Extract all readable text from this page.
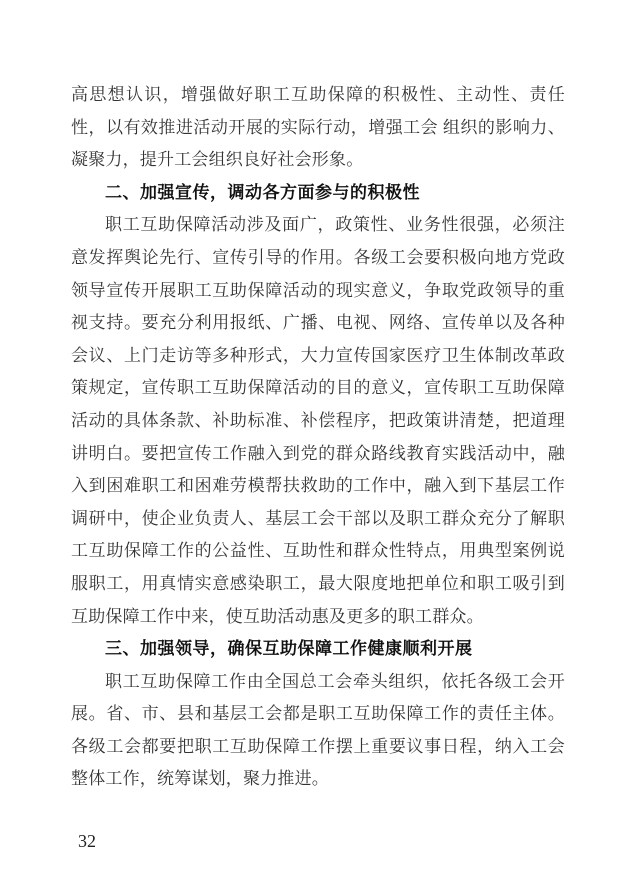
高思想认识，增强做好职工互助保障的积极性、主动性、责任性，以有效推进活动开展的实际行动，增强工会 组织的影响力、凝聚力，提升工会组织良好社会形象。

二、加强宣传，调动各方面参与的积极性

职工互助保障活动涉及面广，政策性、业务性很强，必须注意发挥舆论先行、宣传引导的作用。各级工会要积极向地方党政领导宣传开展职工互助保障活动的现实意义，争取党政领导的重视支持。要充分利用报纸、广播、电视、网络、宣传单以及各种会议、上门走访等多种形式，大力宣传国家医疗卫生体制改革政策规定，宣传职工互助保障活动的目的意义，宣传职工互助保障活动的具体条款、补助标准、补偿程序，把政策讲清楚，把道理讲明白。要把宣传工作融入到党的群众路线教育实践活动中，融入到困难职工和困难劳模帮扶救助的工作中，融入到下基层工作调研中，使企业负责人、基层工会干部以及职工群众充分了解职工互助保障工作的公益性、互助性和群众性特点，用典型案例说服职工，用真情实意感染职工，最大限度地把单位和职工吸引到互助保障工作中来，使互助活动惠及更多的职工群众。

三、加强领导，确保互助保障工作健康顺利开展

职工互助保障工作由全国总工会牵头组织，依托各级工会开展。省、市、县和基层工会都是职工互助保障工作的责任主体。各级工会都要把职工互助保障工作摆上重要议事日程，纳入工会整体工作，统筹谋划，聚力推进。

32
